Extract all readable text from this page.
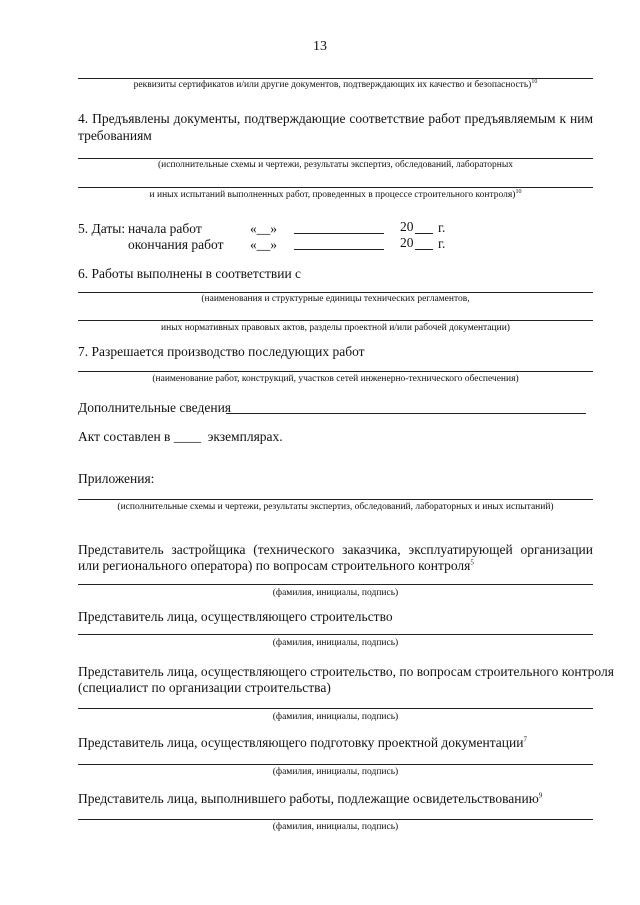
13
реквизиты сертификатов и/или другие документов, подтверждающих их качество и безопасность)$^{10}$
4. Предъявлены документы, подтверждающие соответствие работ предъявляемым к ним
требованиям
(исполнительные схемы и чертежи, результаты экспертиз, обследований, лабораторных
и иных испытаний выполненных работ, проведенных в процессе строительного контроля)$^{10}$
5. Даты: начала работ	«__»	20 г.
окончания работ «__»	20 г.
6. Работы выполнены в соответствии с
(наименования и структурные единицы технических регламентов,
иных нормативных правовых актов, разделы проектной и/или рабочей документации)
7. Разрешается производство последующих работ
(наименование работ, конструкций, участков сетей инженерно-технического обеспечения)
Дополнительные сведения
Акт составлен в ____ экземплярах.
Приложения:
(исполнительные схемы и чертежи, результаты экспертиз, обследований, лабораторных и иных испытаний)
Представитель застройщика (технического заказчика, эксплуатирующей организации
или регионального оператора) по вопросам строительного контроля$^5$
(фамилия, инициалы, подпись)
Представитель лица, осуществляющего строительство
(фамилия, инициалы, подпись)
Представитель лица, осуществляющего строительство, по вопросам строительного контроля
(специалист по организации строительства)
(фамилия, инициалы, подпись)
Представитель лица, осуществляющего подготовку проектной документации$^7$
(фамилия, инициалы, подпись)
Представитель лица, выполнившего работы, подлежащие освидетельствованию$^9$
(фамилия, инициалы, подпись)
